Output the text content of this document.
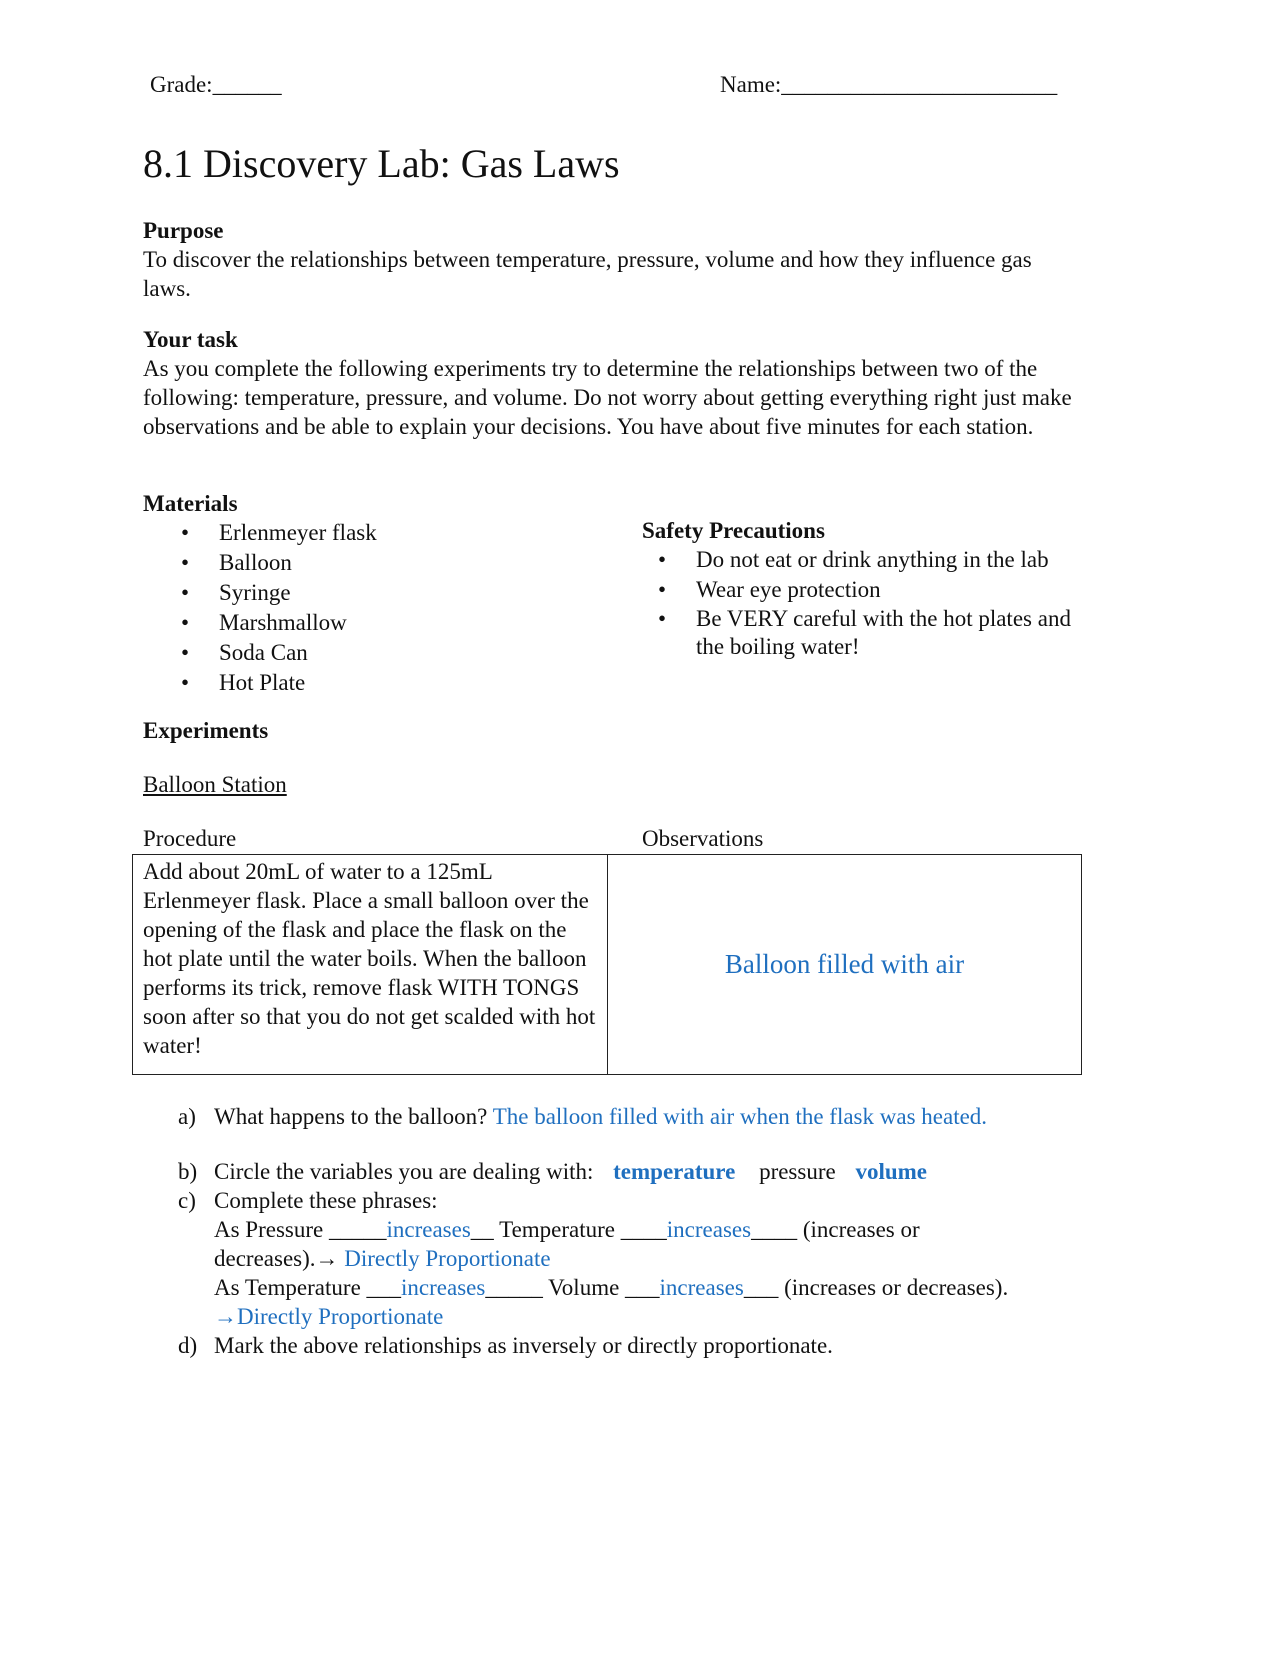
Grade:______	Name:________________________
8.1 Discovery Lab: Gas Laws
Purpose

To discover the relationships between temperature, pressure, volume and how they influence gas laws.

Your task

As you complete the following experiments try to determine the relationships between two of the following: temperature, pressure, and volume. Do not worry about getting everything right just make observations and be able to explain your decisions. You have about five minutes for each station.

Materials
• Erlenmeyer flask
• Balloon
• Syringe
• Marshmallow
• Soda Can
• Hot Plate
Safety Precautions
• Do not eat or drink anything in the lab
• Wear eye protection
• Be VERY careful with the hot plates and the boiling water!
Experiments
Balloon Station
Procedure	Observations
Add about 20mL of water to a 125mL Erlenmeyer flask. Place a small balloon over the opening of the flask and place the flask on the hot plate until the water boils. When the balloon performs its trick, remove flask WITH TONGS soon after so that you do not get scalded with hot water!	Balloon filled with air
a) What happens to the balloon? The balloon filled with air when the flask was heated.
b) Circle the variables you are dealing with: temperature pressure volume
c) Complete these phrases:
As Pressure _____increases__ Temperature ____increases____ (increases or
decreases).→ Directly Proportionate
As Temperature ___increases_____ Volume ___increases___ (increases or decreases).
→Directly Proportionate
d) Mark the above relationships as inversely or directly proportionate.
